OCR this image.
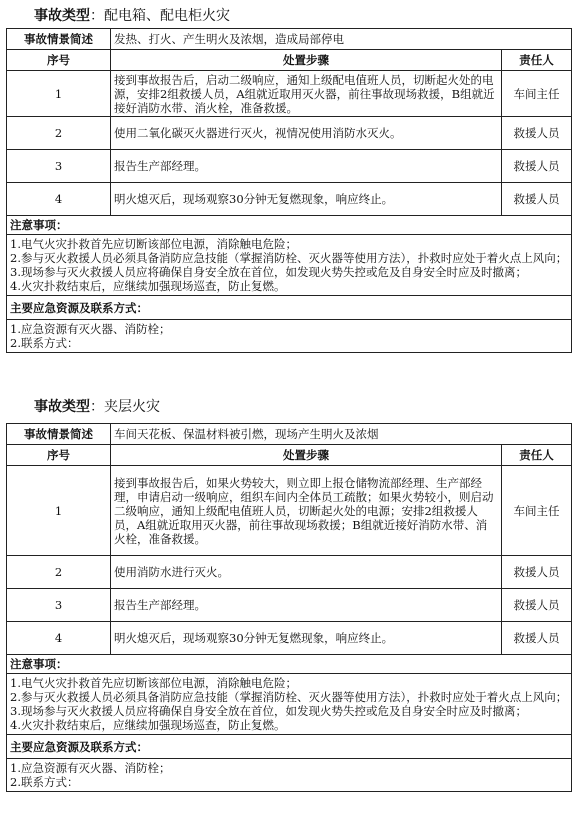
事故类型：配电箱、配电柜火灾
事故情景简述	发热、打火、产生明火及浓烟，造成局部停电	
序号	处置步骤	责任人
1	接到事故报告后，启动二级响应，通知上级配电值班人员，切断起火处的电源，安排2组救援人员，A组就近取用灭火器，前往事故现场救援，B组就近接好消防水带、消火栓，准备救援。	车间主任
2	使用二氧化碳灭火器进行灭火，视情况使用消防水灭火。	救援人员
3	报告生产部经理。	救援人员
4	明火熄灭后，现场观察30分钟无复燃现象，响应终止。	救援人员
注意事项：		

1.电气火灾扑救首先应切断该部位电源，消除触电危险；
2.参与灭火救援人员必须具备消防应急技能（掌握消防栓、灭火器等使用方法），扑救时应处于着火点上风向；
3.现场参与灭火救援人员应将确保自身安全放在首位，如发现火势失控或危及自身安全时应及时撤离；
4.火灾扑救结束后，应继续加强现场巡查，防止复燃。		

主要应急资源及联系方式：		

1.应急资源有灭火器、消防栓；
2.联系方式：		
事故类型：夹层火灾
事故情景简述	车间天花板、保温材料被引燃，现场产生明火及浓烟	
序号	处置步骤	责任人
1	接到事故报告后，如果火势较大，则立即上报仓储物流部经理、生产部经理，申请启动一级响应，组织车间内全体员工疏散；如果火势较小，则启动二级响应，通知上级配电值班人员，切断起火处的电源；安排2组救援人员，A组就近取用灭火器，前往事故现场救援；B组就近接好消防水带、消火栓，准备救援。	车间主任
2	使用消防水进行灭火。	救援人员
3	报告生产部经理。	救援人员
4	明火熄灭后，现场观察30分钟无复燃现象，响应终止。	救援人员
注意事项：		

1.电气火灾扑救首先应切断该部位电源，消除触电危险；
2.参与灭火救援人员必须具备消防应急技能（掌握消防栓、灭火器等使用方法），扑救时应处于着火点上风向；
3.现场参与灭火救援人员应将确保自身安全放在首位，如发现火势失控或危及自身安全时应及时撤离；
4.火灾扑救结束后，应继续加强现场巡查，防止复燃。		

主要应急资源及联系方式：		

1.应急资源有灭火器、消防栓；
2.联系方式：		
